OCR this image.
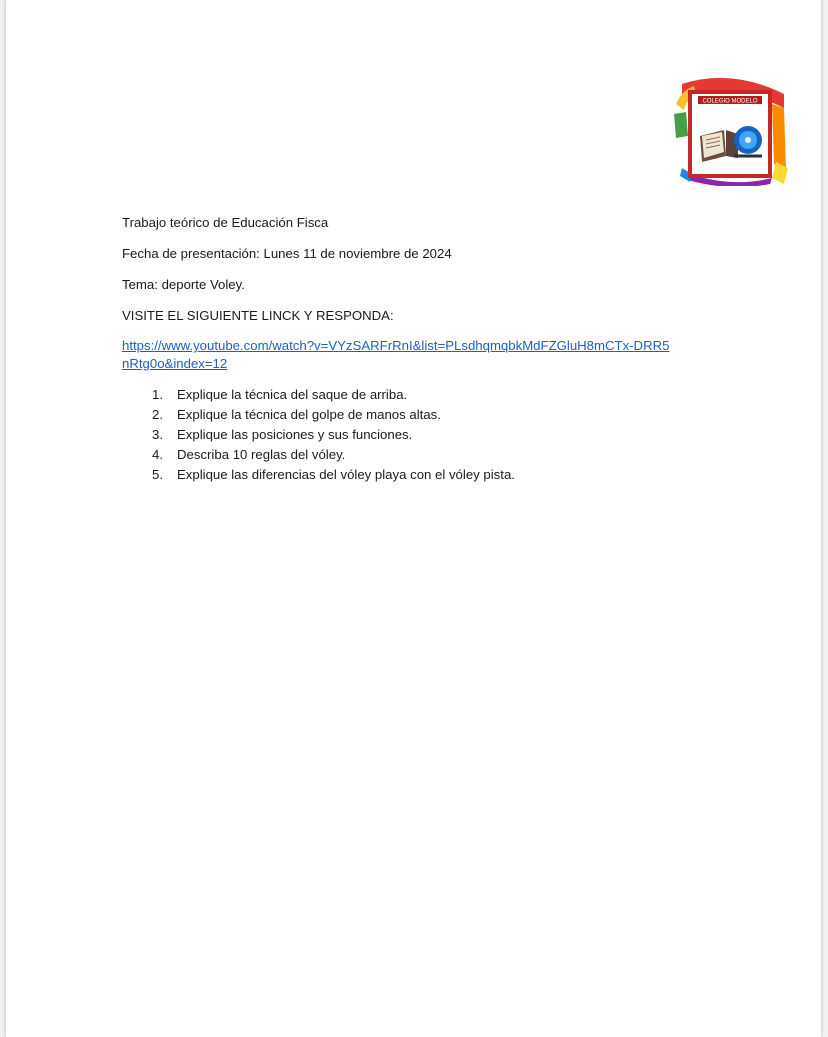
COLEGIO MODELO

Trabajo teórico de Educación Fisca

Fecha de presentación: Lunes 11 de noviembre de 2024

Tema: deporte Voley.

VISITE EL SIGUIENTE LINCK Y RESPONDA:

https://www.youtube.com/watch?v=VYzSARFrRnI&list=PLsdhqmqbkMdFZGluH8mCTx-DRR5nRtg0o&index=12
1.	Explique la técnica del saque de arriba.
2.	Explique la técnica del golpe de manos altas.
3.	Explique las posiciones y sus funciones.
4.	Describa 10 reglas del vóley.
5.	Explique las diferencias del vóley playa con el vóley pista.
